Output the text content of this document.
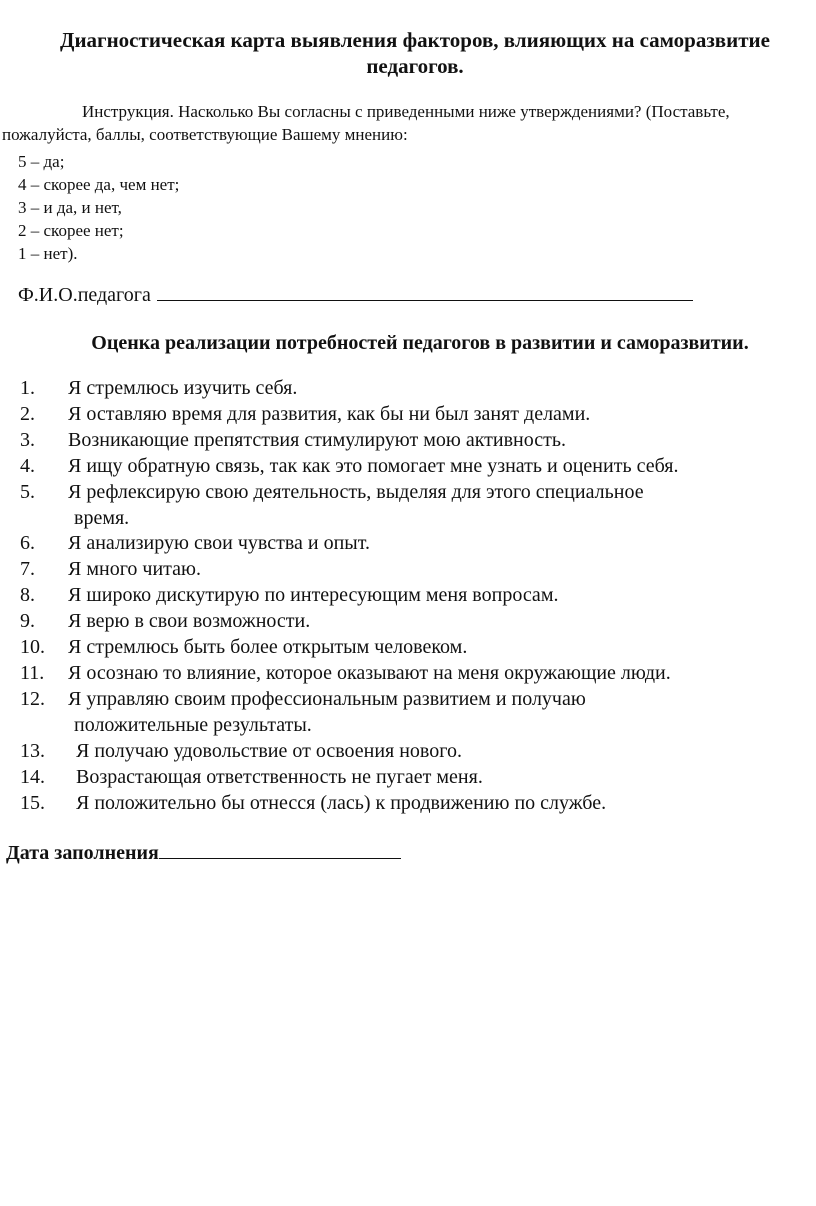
Диагностическая карта выявления факторов, влияющих на саморазвитие педагогов.
Инструкция. Насколько Вы согласны с приведенными ниже утверждениями? (Поставьте, пожалуйста, баллы, соответствующие Вашему мнению:
5 – да;
4 – скорее да, чем нет;
3 – и да, и нет,
2 – скорее нет;
1 – нет).
Ф.И.О.педагога
Оценка реализации потребностей педагогов в развитии и саморазвитии.
1. Я стремлюсь изучить себя.
2. Я оставляю время для развития, как бы ни был занят делами.
3. Возникающие препятствия стимулируют мою активность.
4. Я ищу обратную связь, так как это помогает мне узнать и оценить себя.
5. Я рефлексирую свою деятельность, выделяя для этого специальное
время.
6. Я анализирую свои чувства и опыт.
7. Я много читаю.
8. Я широко дискутирую по интересующим меня вопросам.
9. Я верю в свои возможности.
10. Я стремлюсь быть более открытым человеком.
11. Я осознаю то влияние, которое оказывают на меня окружающие люди.
12. Я управляю своим профессиональным развитием и получаю
положительные результаты.
13. Я получаю удовольствие от освоения нового.
14. Возрастающая ответственность не пугает меня.
15. Я положительно бы отнесся (лась) к продвижению по службе.
Дата заполнения
